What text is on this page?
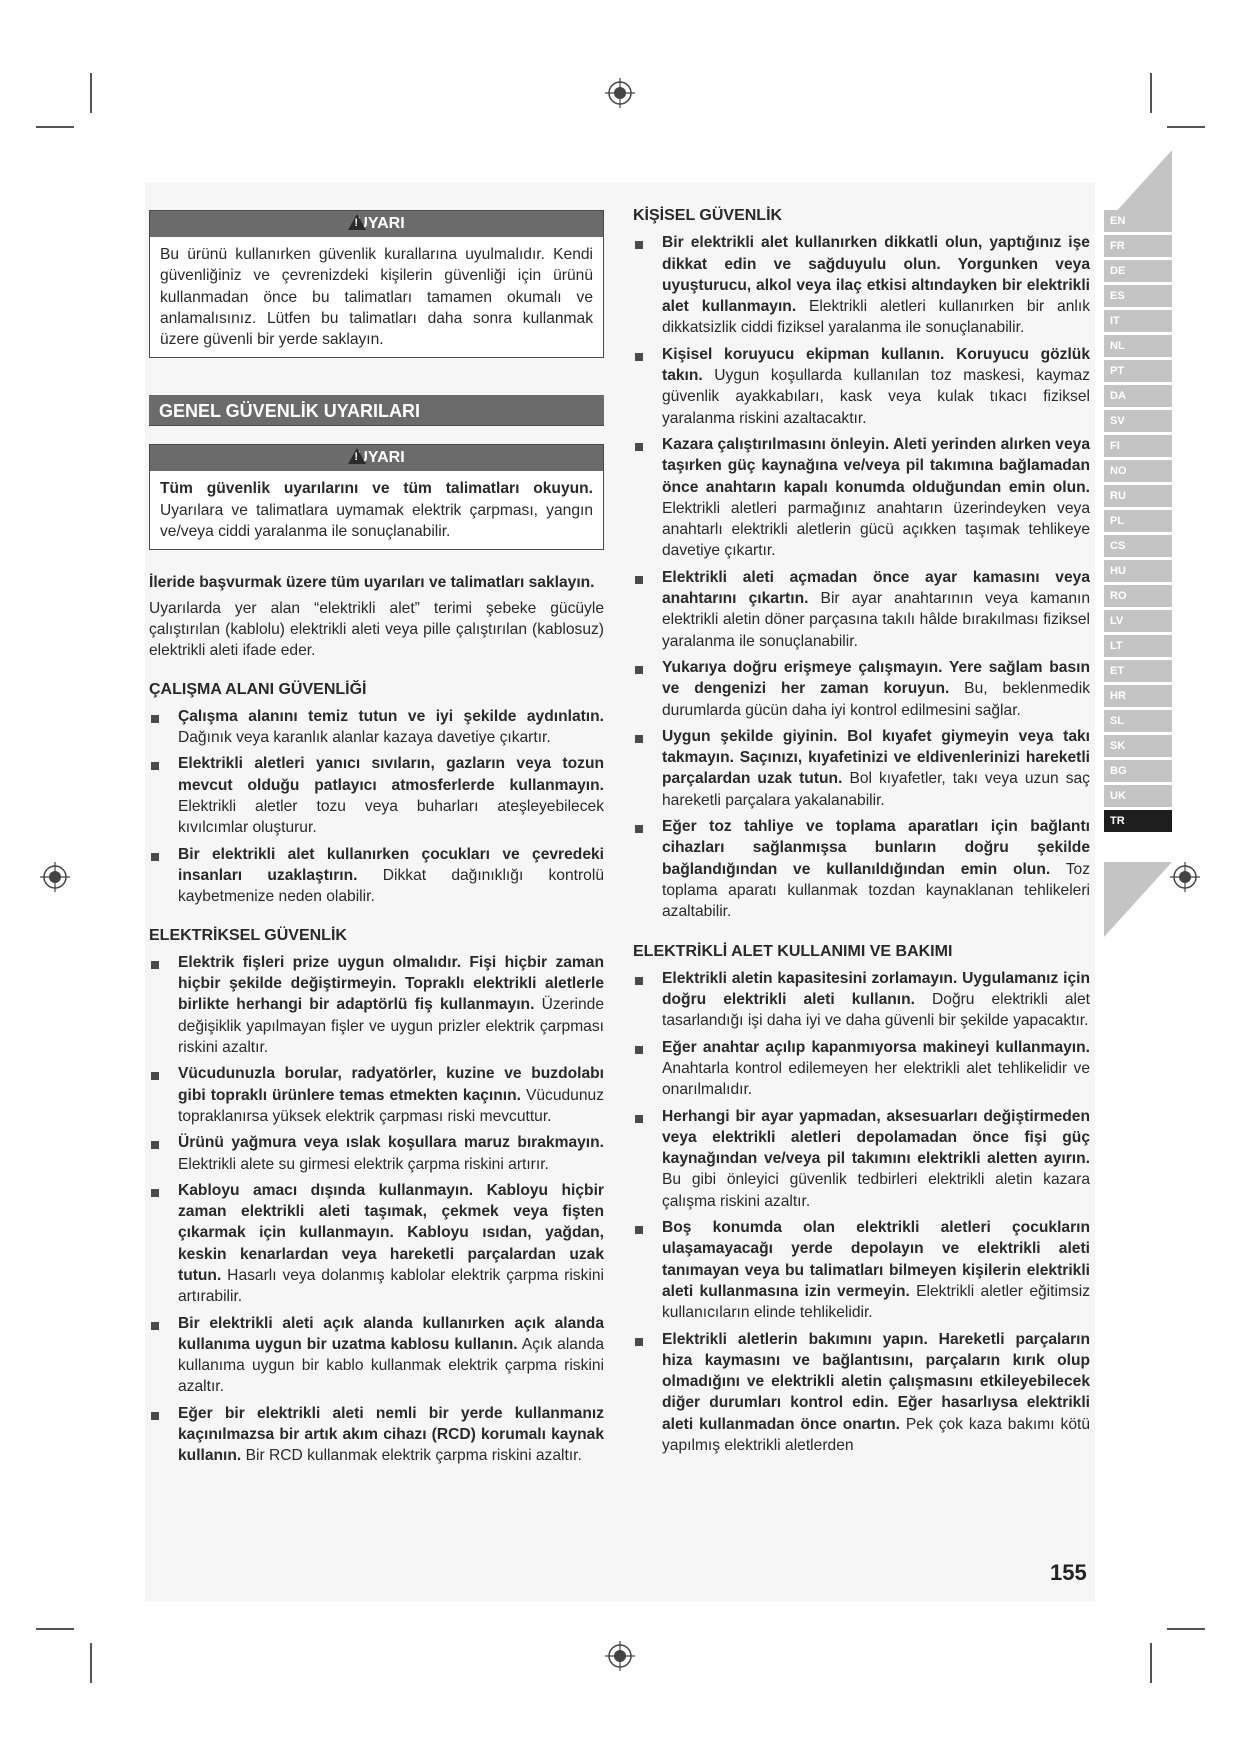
!UYARI
Bu ürünü kullanırken güvenlik kurallarına uyulmalıdır. Kendi güvenliğiniz ve çevrenizdeki kişilerin güvenliği için ürünü kullanmadan önce bu talimatları tamamen okumalı ve anlamalısınız. Lütfen bu talimatları daha sonra kullanmak üzere güvenli bir yerde saklayın.
GENEL GÜVENLİK UYARILARI
!UYARI
Tüm güvenlik uyarılarını ve tüm talimatları okuyun. Uyarılara ve talimatlara uymamak elektrik çarpması, yangın ve/veya ciddi yaralanma ile sonuçlanabilir.

İleride başvurmak üzere tüm uyarıları ve talimatları saklayın.

Uyarılarda yer alan “elektrikli alet” terimi şebeke gücüyle çalıştırılan (kablolu) elektrikli aleti veya pille çalıştırılan (kablosuz) elektrikli aleti ifade eder.

ÇALIŞMA ALANI GÜVENLİĞİ
Çalışma alanını temiz tutun ve iyi şekilde aydınlatın. Dağınık veya karanlık alanlar kazaya davetiye çıkartır.
Elektrikli aletleri yanıcı sıvıların, gazların veya tozun mevcut olduğu patlayıcı atmosferlerde kullanmayın. Elektrikli aletler tozu veya buharları ateşleyebilecek kıvılcımlar oluşturur.
Bir elektrikli alet kullanırken çocukları ve çevredeki insanları uzaklaştırın. Dikkat dağınıklığı kontrolü kaybetmenize neden olabilir.
ELEKTRİKSEL GÜVENLİK
Elektrik fişleri prize uygun olmalıdır. Fişi hiçbir zaman hiçbir şekilde değiştirmeyin. Topraklı elektrikli aletlerle birlikte herhangi bir adaptörlü fiş kullanmayın. Üzerinde değişiklik yapılmayan fişler ve uygun prizler elektrik çarpması riskini azaltır.
Vücudunuzla borular, radyatörler, kuzine ve buzdolabı gibi topraklı ürünlere temas etmekten kaçının. Vücudunuz topraklanırsa yüksek elektrik çarpması riski mevcuttur.
Ürünü yağmura veya ıslak koşullara maruz bırakmayın. Elektrikli alete su girmesi elektrik çarpma riskini artırır.
Kabloyu amacı dışında kullanmayın. Kabloyu hiçbir zaman elektrikli aleti taşımak, çekmek veya fişten çıkarmak için kullanmayın. Kabloyu ısıdan, yağdan, keskin kenarlardan veya hareketli parçalardan uzak tutun. Hasarlı veya dolanmış kablolar elektrik çarpma riskini artırabilir.
Bir elektrikli aleti açık alanda kullanırken açık alanda kullanıma uygun bir uzatma kablosu kullanın. Açık alanda kullanıma uygun bir kablo kullanmak elektrik çarpma riskini azaltır.
Eğer bir elektrikli aleti nemli bir yerde kullanmanız kaçınılmazsa bir artık akım cihazı (RCD) korumalı kaynak kullanın. Bir RCD kullanmak elektrik çarpma riskini azaltır.
KİŞİSEL GÜVENLİK
Bir elektrikli alet kullanırken dikkatli olun, yaptığınız işe dikkat edin ve sağduyulu olun. Yorgunken veya uyuşturucu, alkol veya ilaç etkisi altındayken bir elektrikli alet kullanmayın. Elektrikli aletleri kullanırken bir anlık dikkatsizlik ciddi fiziksel yaralanma ile sonuçlanabilir.
Kişisel koruyucu ekipman kullanın. Koruyucu gözlük takın. Uygun koşullarda kullanılan toz maskesi, kaymaz güvenlik ayakkabıları, kask veya kulak tıkacı fiziksel yaralanma riskini azaltacaktır.
Kazara çalıştırılmasını önleyin. Aleti yerinden alırken veya taşırken güç kaynağına ve/veya pil takımına bağlamadan önce anahtarın kapalı konumda olduğundan emin olun. Elektrikli aletleri parmağınız anahtarın üzerindeyken veya anahtarlı elektrikli aletlerin gücü açıkken taşımak tehlikeye davetiye çıkartır.
Elektrikli aleti açmadan önce ayar kamasını veya anahtarını çıkartın. Bir ayar anahtarının veya kamanın elektrikli aletin döner parçasına takılı hâlde bırakılması fiziksel yaralanma ile sonuçlanabilir.
Yukarıya doğru erişmeye çalışmayın. Yere sağlam basın ve dengenizi her zaman koruyun. Bu, beklenmedik durumlarda gücün daha iyi kontrol edilmesini sağlar.
Uygun şekilde giyinin. Bol kıyafet giymeyin veya takı takmayın. Saçınızı, kıyafetinizi ve eldivenlerinizi hareketli parçalardan uzak tutun. Bol kıyafetler, takı veya uzun saç hareketli parçalara yakalanabilir.
Eğer toz tahliye ve toplama aparatları için bağlantı cihazları sağlanmışsa bunların doğru şekilde bağlandığından ve kullanıldığından emin olun. Toz toplama aparatı kullanmak tozdan kaynaklanan tehlikeleri azaltabilir.
ELEKTRİKLİ ALET KULLANIMI VE BAKIMI
Elektrikli aletin kapasitesini zorlamayın. Uygulamanız için doğru elektrikli aleti kullanın. Doğru elektrikli alet tasarlandığı işi daha iyi ve daha güvenli bir şekilde yapacaktır.
Eğer anahtar açılıp kapanmıyorsa makineyi kullanmayın. Anahtarla kontrol edilemeyen her elektrikli alet tehlikelidir ve onarılmalıdır.
Herhangi bir ayar yapmadan, aksesuarları değiştirmeden veya elektrikli aletleri depolamadan önce fişi güç kaynağından ve/veya pil takımını elektrikli aletten ayırın. Bu gibi önleyici güvenlik tedbirleri elektrikli aletin kazara çalışma riskini azaltır.
Boş konumda olan elektrikli aletleri çocukların ulaşamayacağı yerde depolayın ve elektrikli aleti tanımayan veya bu talimatları bilmeyen kişilerin elektrikli aleti kullanmasına izin vermeyin. Elektrikli aletler eğitimsiz kullanıcıların elinde tehlikelidir.
Elektrikli aletlerin bakımını yapın. Hareketli parçaların hiza kaymasını ve bağlantısını, parçaların kırık olup olmadığını ve elektrikli aletin çalışmasını etkileyebilecek diğer durumları kontrol edin. Eğer hasarlıysa elektrikli aleti kullanmadan önce onartın. Pek çok kaza bakımı kötü yapılmış elektrikli aletlerden
EN
FR
DE
ES
IT
NL
PT
DA
SV
FI
NO
RU
PL
CS
HU
RO
LV
LT
ET
HR
SL
SK
BG
UK
TR
155
